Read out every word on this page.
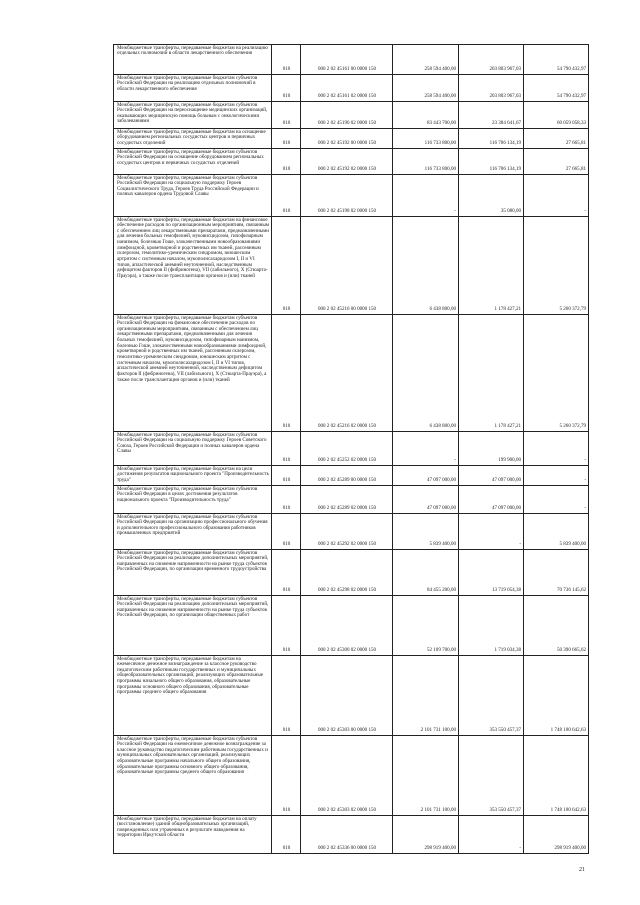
Межбюджетные трансферты, передаваемые бюджетам на реализацию отдельных полномочий в области лекарственного обеспечения	010	000 2 02 45161 00 0000 150	258 594 400,00	203 803 967,03	54 790 432,97
Межбюджетные трансферты, передаваемые бюджетам субъектов Российской Федерации на реализацию отдельных полномочий в области лекарственного обеспечения	010	000 2 02 45161 02 0000 150	258 594 400,00	203 803 967,03	54 790 432,97
Межбюджетные трансферты, передаваемые бюджетам субъектов Российской Федерации на переоснащение медицинских организаций, оказывающих медицинскую помощь больным с онкологическими заболеваниями	010	000 2 02 45190 02 0000 150	83 443 700,00	23 384 641,67	60 059 058,33
Межбюджетные трансферты, передаваемые бюджетам на оснащение оборудованием региональных сосудистых центров и первичных сосудистых отделений	010	000 2 02 45192 00 0000 150	116 733 800,00	116 706 134,19	27 665,81
Межбюджетные трансферты, передаваемые бюджетам субъектов Российской Федерации на оснащение оборудованием региональных сосудистых центров и первичных сосудистых отделений	010	000 2 02 45192 02 0000 150	116 733 800,00	116 706 134,19	27 665,81
Межбюджетные трансферты, передаваемые бюджетам субъектов Российской Федерации на социальную поддержку Героев Социалистического Труда, Героев Труда Российской Федерации и полных кавалеров ордена Трудовой Славы	010	000 2 02 45198 02 0000 150	-	35 080,00	-
Межбюджетные трансферты, передаваемые бюджетам на финансовое обеспечение расходов по организационным мероприятиям, связанным с обеспечением лиц лекарственными препаратами, предназначенными для лечения больных гемофилией, муковисцидозом, гипофизарным нанизмом, болезнью Гоше, злокачественными новообразованиями лимфоидной, кроветворной и родственных им тканей, рассеянным склерозом, гемолитико-уремическим синдромом, юношеским артритом с системным началом, мукополисахаридозом I, II и VI типов, апластической анемией неуточненной, наследственным дефицитом факторов II (фибриногена), VII (лабильного), X (Стюарта-Прауэра), а также после трансплантации органов и (или) тканей	010	000 2 02 45216 00 0000 150	6 438 800,00	1 178 427,21	5 260 372,79
Межбюджетные трансферты, передаваемые бюджетам субъектов Российской Федерации на финансовое обеспечение расходов по организационным мероприятиям, связанным с обеспечением лиц лекарственными препаратами, предназначенными для лечения больных гемофилией, муковисцидозом, гипофизарным нанизмом, болезнью Гоше, злокачественными новообразованиями лимфоидной, кроветворной и родственных им тканей, рассеянным склерозом, гемолитико-уремическим синдромом, юношеским артритом с системным началом, мукополисахаридозом I, II и VI типов, апластической анемией неуточненной, наследственным дефицитом факторов II (фибриногена), VII (лабильного), X (Стюарта-Прауэра), а также после трансплантации органов и (или) тканей	010	000 2 02 45216 02 0000 150	6 438 800,00	1 178 427,21	5 260 372,79
Межбюджетные трансферты, передаваемые бюджетам субъектов Российской Федерации на социальную поддержку Героев Советского Союза, Героев Российской Федерации и полных кавалеров ордена Славы	010	000 2 02 45252 02 0000 150	-	199 900,00	-
Межбюджетные трансферты, передаваемые бюджетам на цели достижения результатов национального проекта "Производительность труда"	010	000 2 02 45289 00 0000 150	47 097 000,00	47 097 000,00	-
Межбюджетные трансферты, передаваемые бюджетам субъектов Российской Федерации в целях достижения результатов национального проекта "Производительность труда"	010	000 2 02 45289 02 0000 150	47 097 000,00	47 097 000,00	-
Межбюджетные трансферты, передаваемые бюджетам субъектов Российской Федерации на организацию профессионального обучения и дополнительного профессионального образования работников промышленных предприятий	010	000 2 02 45292 02 0000 150	5 839 400,00	-	5 839 400,00
Межбюджетные трансферты, передаваемые бюджетам субъектов Российской Федерации на реализацию дополнительных мероприятий, направленных на снижение напряженности на рынке труда субъектов Российской Федерации, по организации временного трудоустройства	010	000 2 02 45298 02 0000 150	84 455 200,00	13 719 054,38	70 736 145,62
Межбюджетные трансферты, передаваемые бюджетам субъектов Российской Федерации на реализацию дополнительных мероприятий, направленных на снижение напряженности на рынке труда субъектов Российской Федерации, по организации общественных работ	010	000 2 02 45300 02 0000 150	52 109 700,00	1 719 034,38	50 390 665,62
Межбюджетные трансферты, передаваемые бюджетам на ежемесячное денежное вознаграждение за классное руководство педагогическим работникам государственных и муниципальных общеобразовательных организаций, реализующих образовательные программы начального общего образования, образовательные программы основного общего образования, образовательные программы среднего общего образования	010	000 2 02 45303 00 0000 150	2 101 731 100,00	353 550 457,37	1 748 180 642,63
Межбюджетные трансферты, передаваемые бюджетам субъектов Российской Федерации на ежемесячное денежное вознаграждение за классное руководство педагогическим работникам государственных и муниципальных образовательных организаций, реализующих образовательные программы начального общего образования, образовательные программы основного общего образования, образовательные программы среднего общего образования	010	000 2 02 45303 02 0000 150	2 101 731 100,00	353 550 457,37	1 748 180 642,63
Межбюджетные трансферты, передаваемые бюджетам на оплату (восстановление) зданий общеобразовательных организаций, поврежденных или утраченных в результате наводнения на территории Иркутской области	010	000 2 02 45336 00 0000 150	298 919 400,00	-	298 919 400,00
21
